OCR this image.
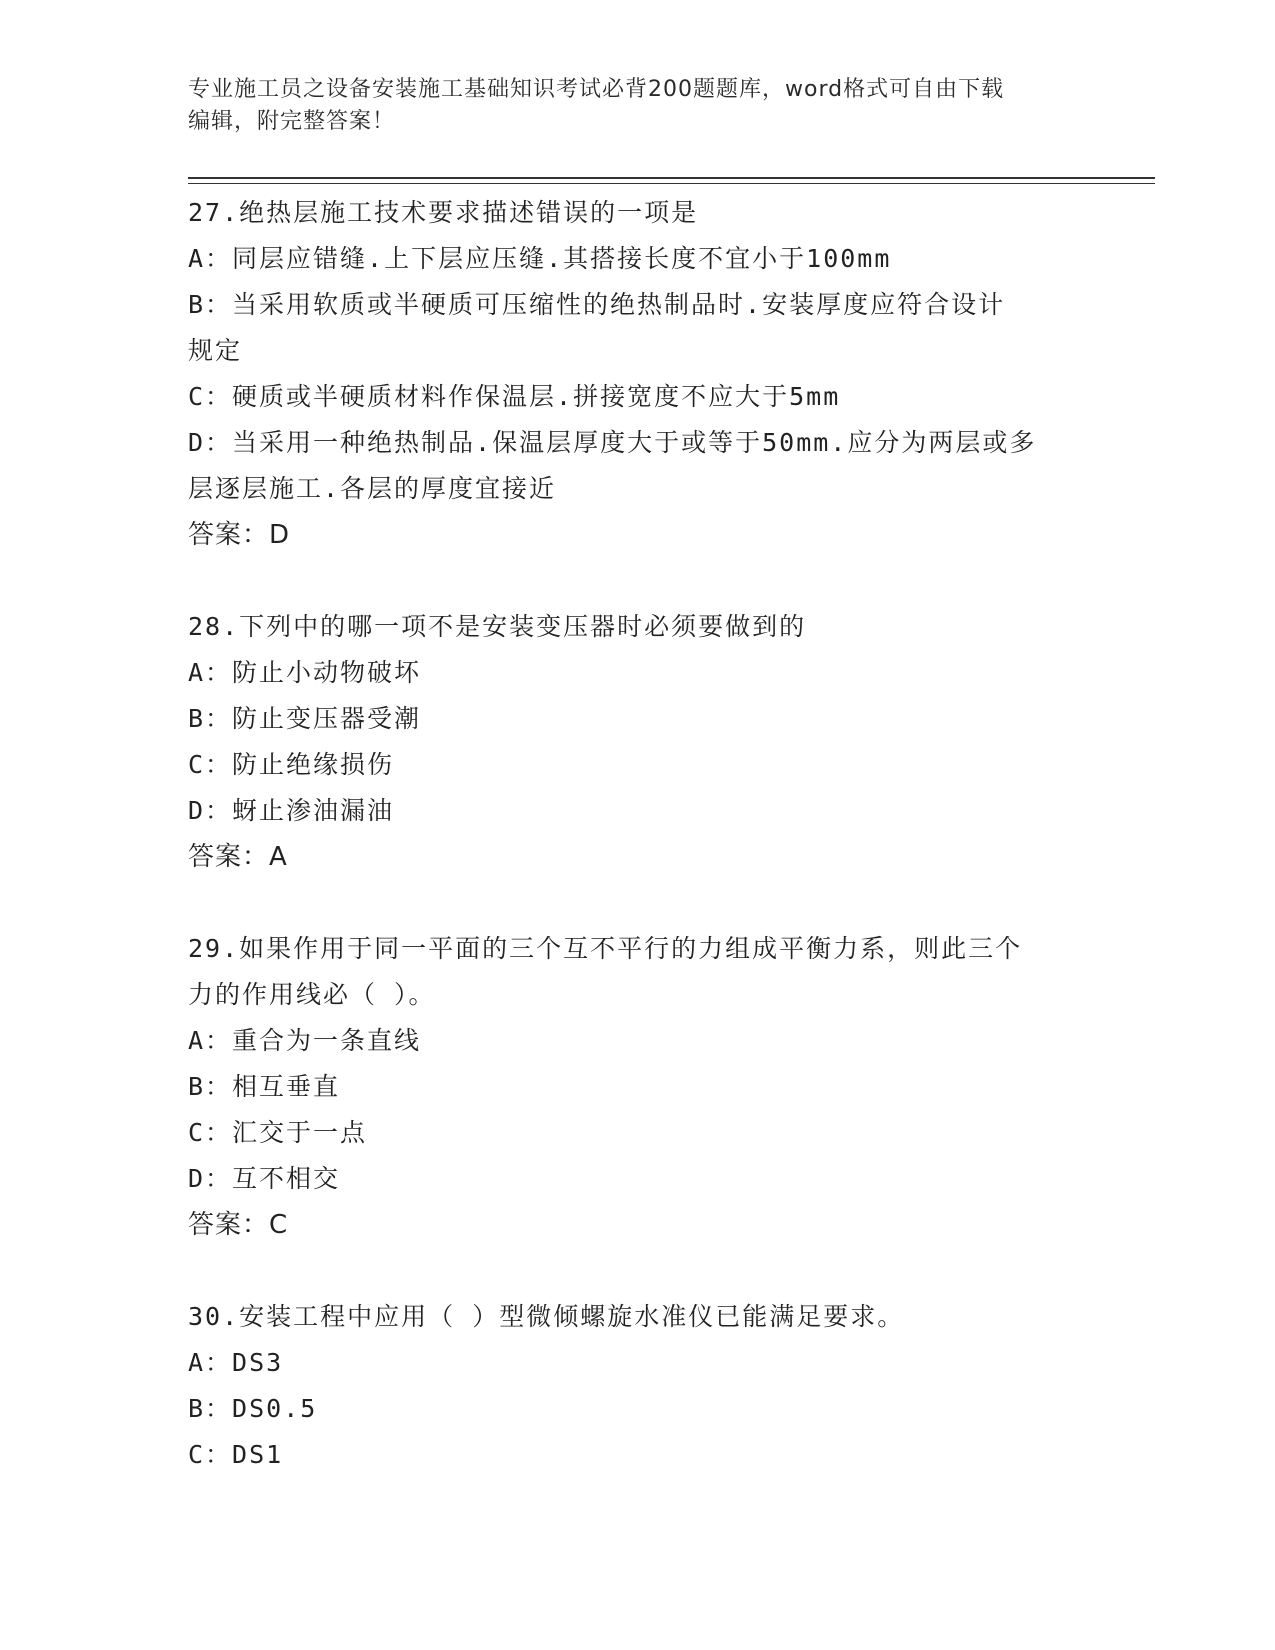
专业施工员之设备安装施工基础知识考试必背200题题库，word格式可自由下载
编辑，附完整答案！
27.绝热层施工技术要求描述错误的一项是
A：同层应错缝.上下层应压缝.其搭接长度不宜小于100mm
B：当采用软质或半硬质可压缩性的绝热制品时.安装厚度应符合设计
规定
C：硬质或半硬质材料作保温层.拼接宽度不应大于5mm
D：当采用一种绝热制品.保温层厚度大于或等于50mm.应分为两层或多
层逐层施工.各层的厚度宜接近
答案：D
28.下列中的哪一项不是安装变压器时必须要做到的
A：防止小动物破坏
B：防止变压器受潮
C：防止绝缘损伤
D：蚜止渗油漏油
答案：A
29.如果作用于同一平面的三个互不平行的力组成平衡力系，则此三个
力的作用线必（ ）。
A：重合为一条直线
B：相互垂直
C：汇交于一点
D：互不相交
答案：C
30.安装工程中应用（ ）型微倾螺旋水准仪已能满足要求。
A：DS3
B：DS0.5
C：DS1
